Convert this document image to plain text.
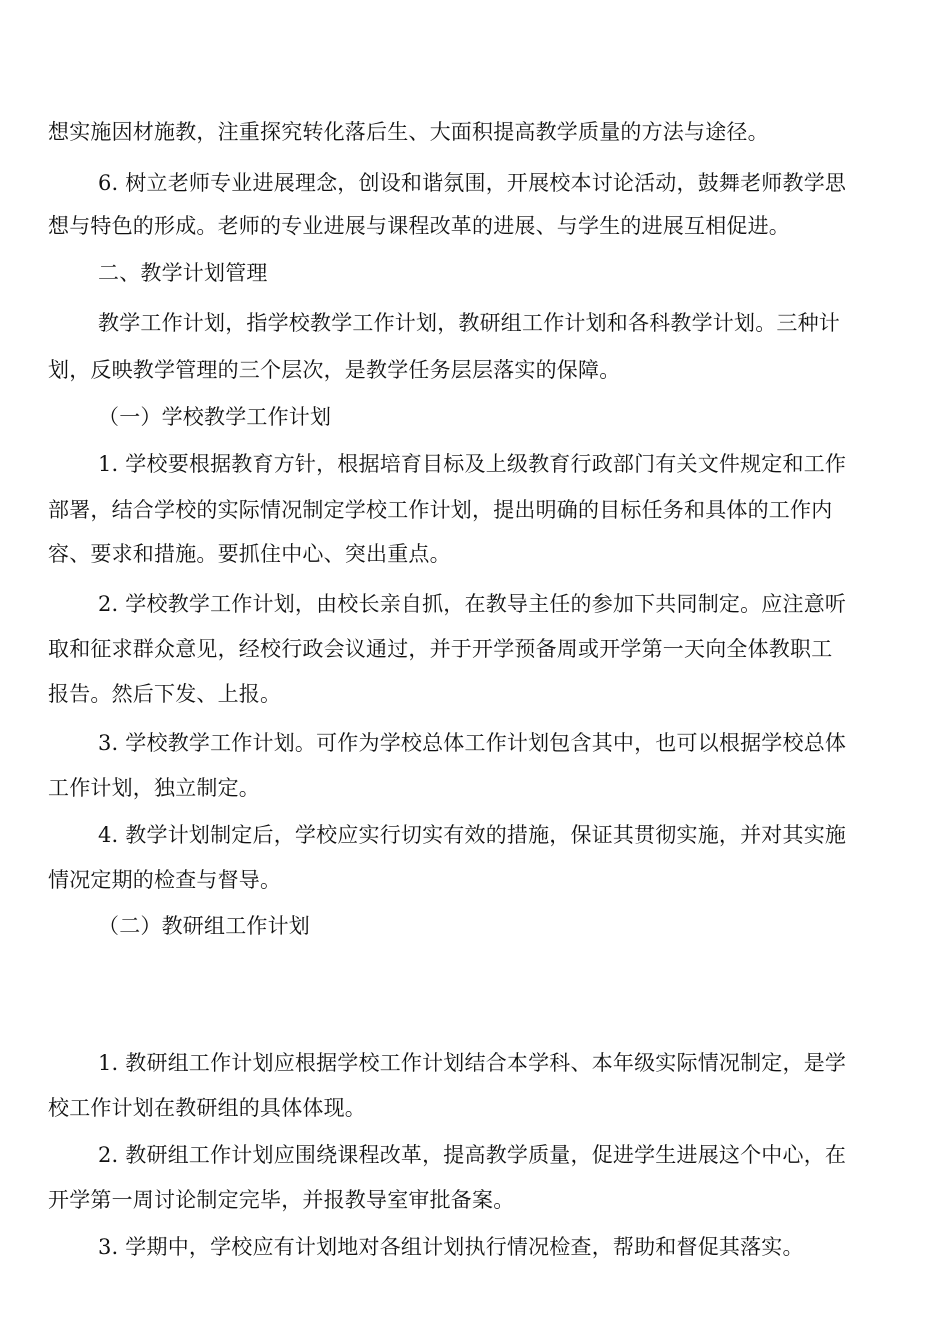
想实施因材施教，注重探究转化落后生、大面积提高教学质量的方法与途径。
6. 树立老师专业进展理念，创设和谐氛围，开展校本讨论活动，鼓舞老师教学思
想与特色的形成。老师的专业进展与课程改革的进展、与学生的进展互相促进。
二、教学计划管理
教学工作计划，指学校教学工作计划，教研组工作计划和各科教学计划。三种计
划，反映教学管理的三个层次，是教学任务层层落实的保障。
（一）学校教学工作计划
1. 学校要根据教育方针，根据培育目标及上级教育行政部门有关文件规定和工作
部署，结合学校的实际情况制定学校工作计划，提出明确的目标任务和具体的工作内
容、要求和措施。要抓住中心、突出重点。
2. 学校教学工作计划，由校长亲自抓，在教导主任的参加下共同制定。应注意听
取和征求群众意见，经校行政会议通过，并于开学预备周或开学第一天向全体教职工
报告。然后下发、上报。
3. 学校教学工作计划。可作为学校总体工作计划包含其中，也可以根据学校总体
工作计划，独立制定。
4. 教学计划制定后，学校应实行切实有效的措施，保证其贯彻实施，并对其实施
情况定期的检查与督导。
（二）教研组工作计划
1. 教研组工作计划应根据学校工作计划结合本学科、本年级实际情况制定，是学
校工作计划在教研组的具体体现。
2. 教研组工作计划应围绕课程改革，提高教学质量，促进学生进展这个中心，在
开学第一周讨论制定完毕，并报教导室审批备案。
3. 学期中，学校应有计划地对各组计划执行情况检查，帮助和督促其落实。
